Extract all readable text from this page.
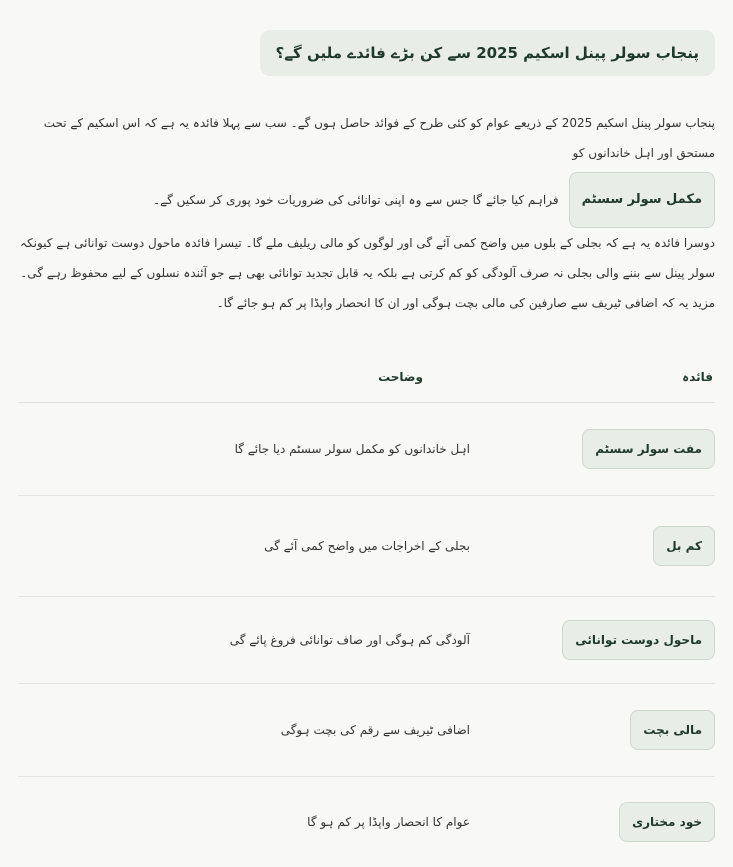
پنجاب سولر پینل اسکیم 2025 سے کن بڑے فائدے ملیں گے؟
پنجاب سولر پینل اسکیم 2025 کے ذریعے عوام کو کئی طرح کے فوائد حاصل ہوں گے۔ سب سے پہلا فائدہ یہ ہے کہ اس اسکیم کے تحت مستحق اور اہل خاندانوں کو
مکمل سولر سسٹم
فراہم کیا جائے گا جس سے وہ اپنی توانائی کی ضروریات خود پوری کر سکیں گے۔
دوسرا فائدہ یہ ہے کہ بجلی کے بلوں میں واضح کمی آئے گی اور لوگوں کو مالی ریلیف ملے گا۔ تیسرا فائدہ ماحول دوست توانائی ہے کیونکہ سولر پینل سے بننے والی بجلی نہ صرف آلودگی کو کم کرتی ہے بلکہ یہ قابل تجدید توانائی بھی ہے جو آئندہ نسلوں کے لیے محفوظ رہے گی۔ مزید یہ کہ اضافی ٹیریف سے صارفین کی مالی بچت ہوگی اور ان کا انحصار واپڈا پر کم ہو جائے گا۔
فائدہ
وضاحت
مفت سولر سسٹم
اہل خاندانوں کو مکمل سولر سسٹم دیا جائے گا
کم بل
بجلی کے اخراجات میں واضح کمی آئے گی
ماحول دوست توانائی
آلودگی کم ہوگی اور صاف توانائی فروغ پائے گی
مالی بچت
اضافی ٹیریف سے رقم کی بچت ہوگی
خود مختاری
عوام کا انحصار واپڈا پر کم ہو گا
